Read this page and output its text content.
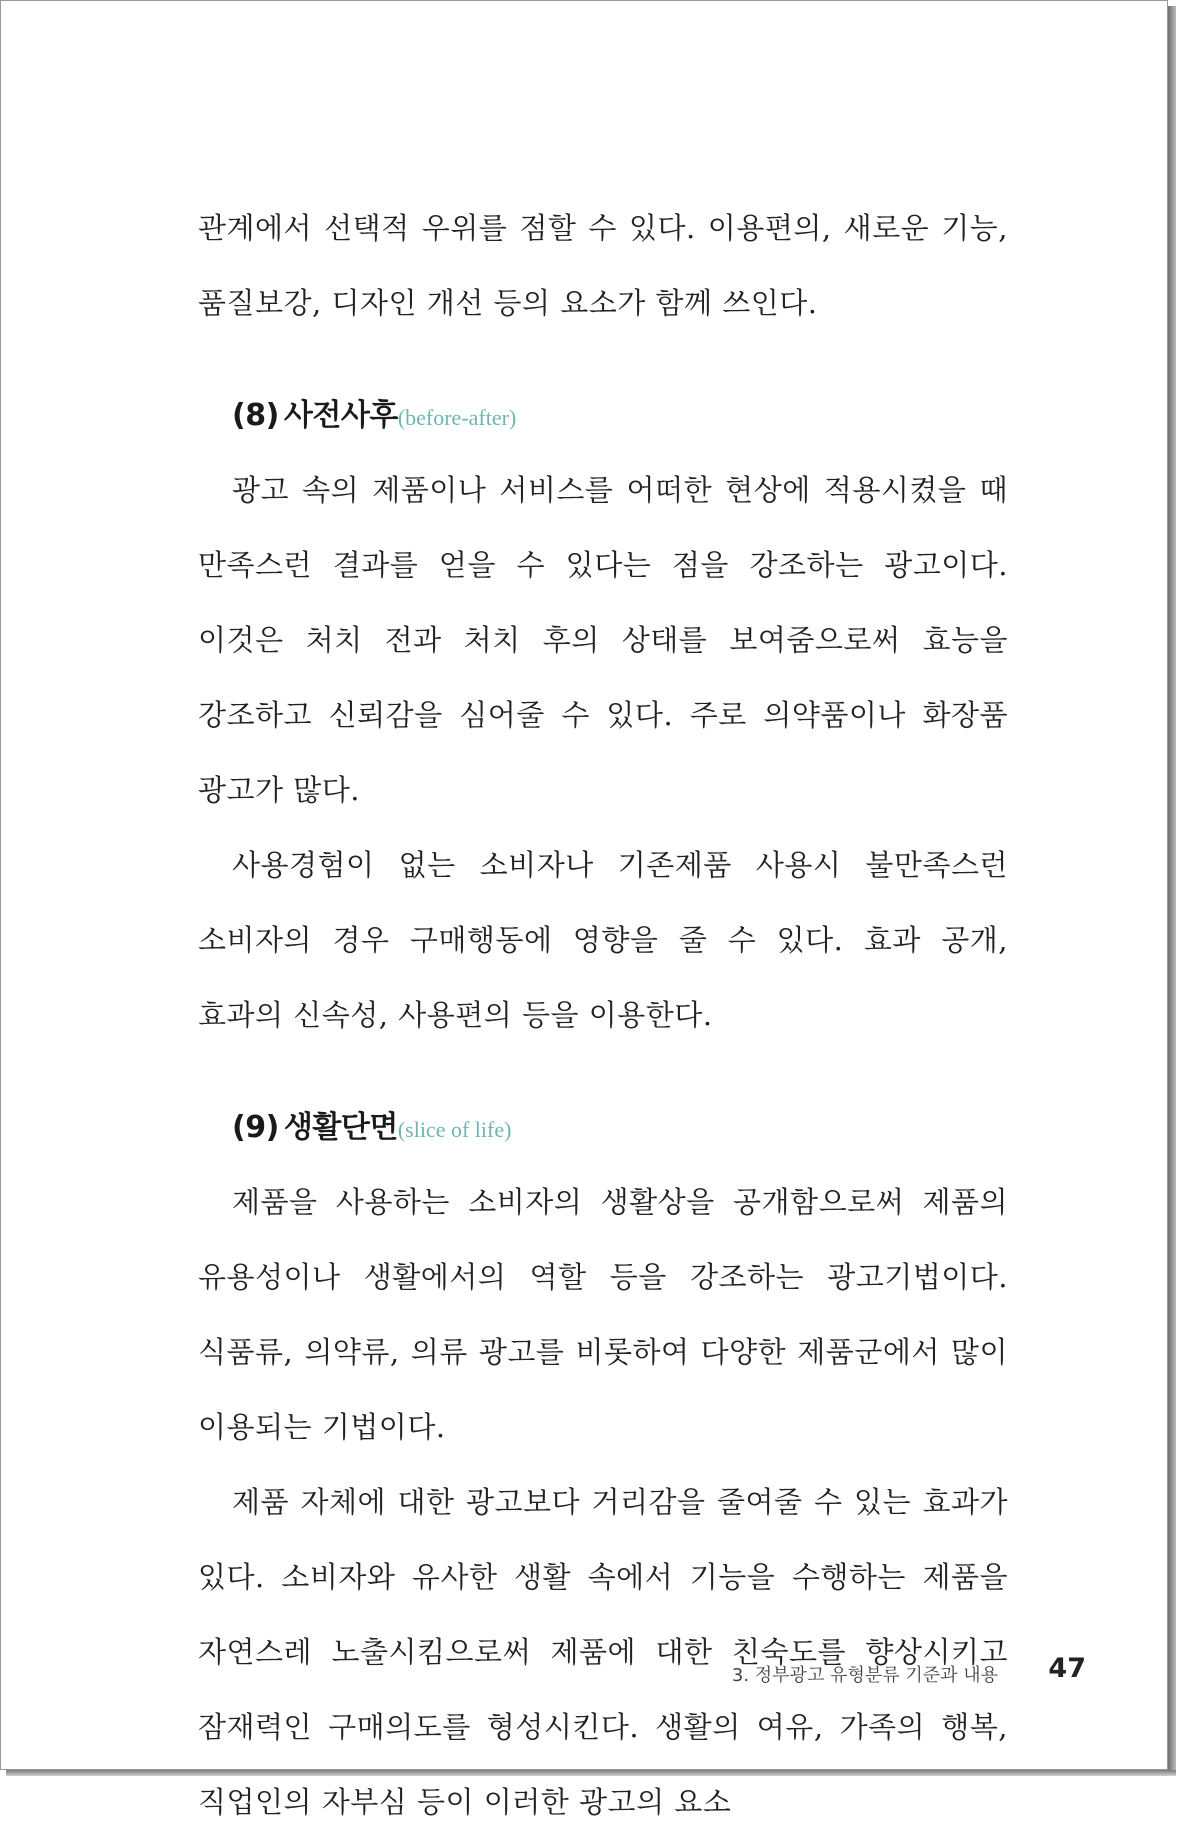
관계에서 선택적 우위를 점할 수 있다. 이용편의, 새로운 기능, 품질보강, 디자인 개선 등의 요소가 함께 쓰인다.

(8) 사전사후(before-after)

광고 속의 제품이나 서비스를 어떠한 현상에 적용시켰을 때 만족스런 결과를 얻을 수 있다는 점을 강조하는 광고이다. 이것은 처치 전과 처치 후의 상태를 보여줌으로써 효능을 강조하고 신뢰감을 심어줄 수 있다. 주로 의약품이나 화장품 광고가 많다.

사용경험이 없는 소비자나 기존제품 사용시 불만족스런 소비자의 경우 구매행동에 영향을 줄 수 있다. 효과 공개, 효과의 신속성, 사용편의 등을 이용한다.

(9) 생활단면(slice of life)

제품을 사용하는 소비자의 생활상을 공개함으로써 제품의 유용성이나 생활에서의 역할 등을 강조하는 광고기법이다. 식품류, 의약류, 의류 광고를 비롯하여 다양한 제품군에서 많이 이용되는 기법이다.

제품 자체에 대한 광고보다 거리감을 줄여줄 수 있는 효과가 있다. 소비자와 유사한 생활 속에서 기능을 수행하는 제품을 자연스레 노출시킴으로써 제품에 대한 친숙도를 향상시키고 잠재력인 구매의도를 형성시킨다. 생활의 여유, 가족의 행복, 직업인의 자부심 등이 이러한 광고의 요소

3. 정부광고 유형분류 기준과 내용 47
